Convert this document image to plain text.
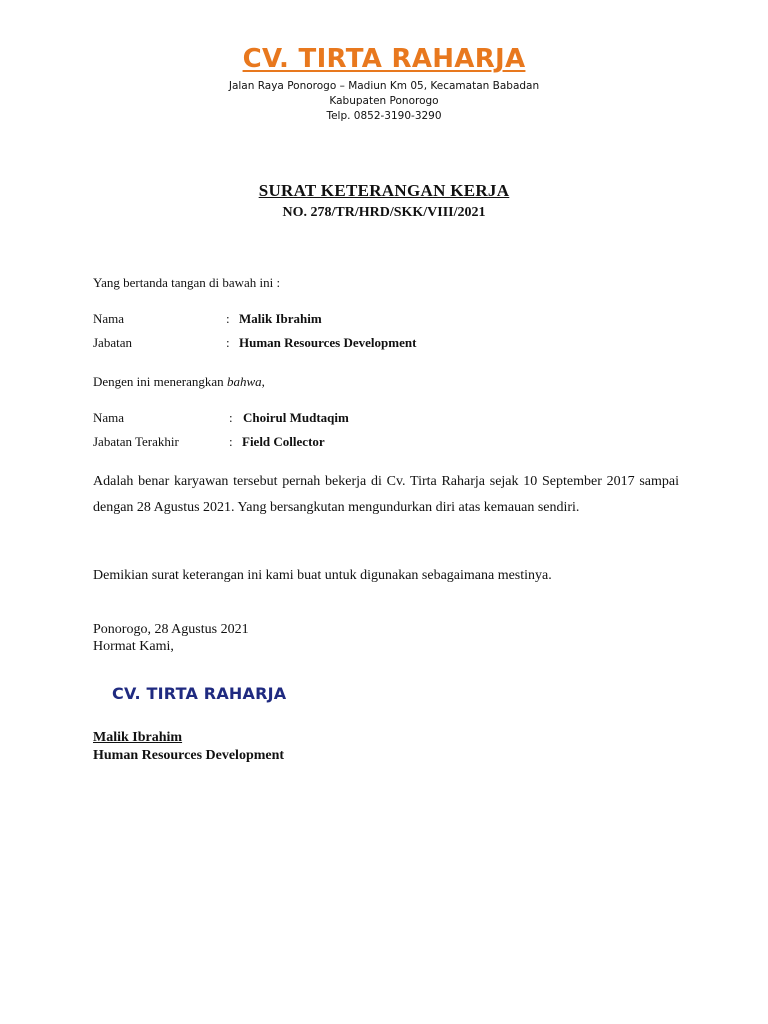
CV. TIRTA RAHARJA
Jalan Raya Ponorogo – Madiun Km 05, Kecamatan Babadan
Kabupaten Ponorogo
Telp. 0852-3190-3290
SURAT KETERANGAN KERJA
NO. 278/TR/HRD/SKK/VIII/2021
Yang bertanda tangan di bawah ini :
Nama	: Malik Ibrahim
Jabatan	: Human Resources Development
Dengen ini menerangkan bahwa,
Nama	: Choirul Mudtaqim
Jabatan Terakhir	: Field Collector
Adalah benar karyawan tersebut pernah bekerja di Cv. Tirta Raharja sejak 10 September 2017 sampai dengan 28 Agustus 2021. Yang bersangkutan mengundurkan diri atas kemauan sendiri.
Demikian surat keterangan ini kami buat untuk digunakan sebagaimana mestinya.
Ponorogo, 28 Agustus 2021
Hormat Kami,
CV. TIRTA RAHARJA
Malik Ibrahim
Human Resources Development
